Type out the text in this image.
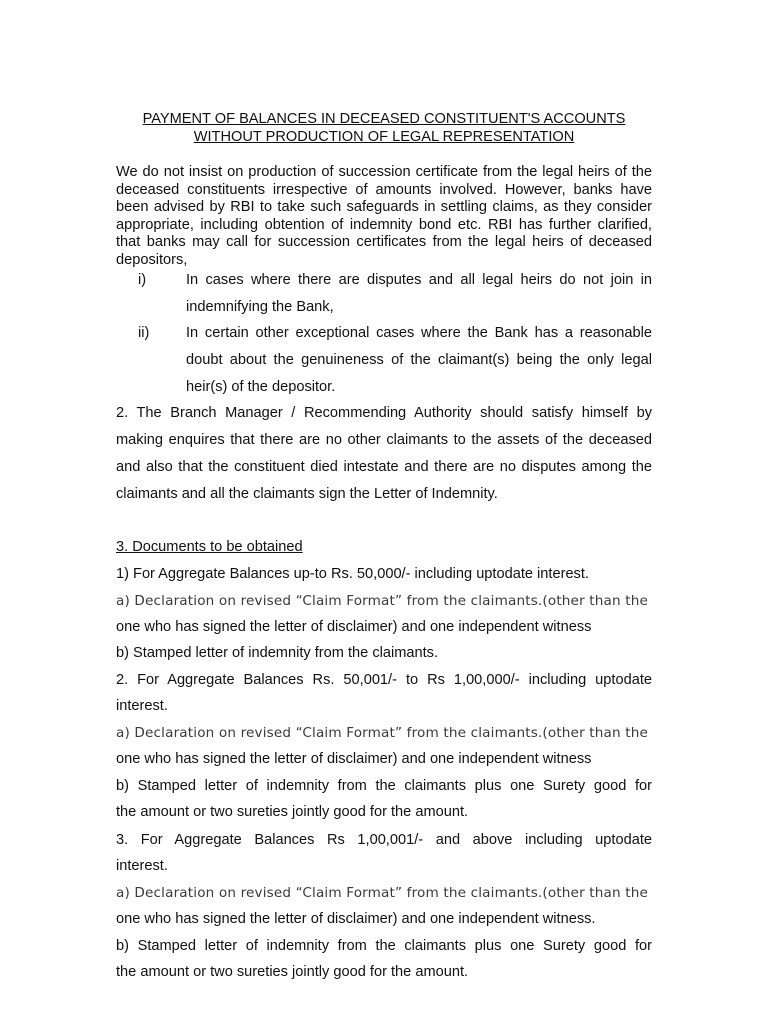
PAYMENT OF BALANCES IN DECEASED CONSTITUENT'S ACCOUNTS

WITHOUT PRODUCTION OF LEGAL REPRESENTATION

We do not insist on production of succession certificate from the legal heirs of the deceased constituents irrespective of amounts involved. However, banks have been advised by RBI to take such safeguards in settling claims, as they consider appropriate, including obtention of indemnity bond etc. RBI has further clarified, that banks may call for succession certificates from the legal heirs of deceased depositors,

i)	In cases where there are disputes and all legal heirs do not join in indemnifying the Bank,
ii)	In certain other exceptional cases where the Bank has a reasonable doubt about the genuineness of the claimant(s) being the only legal heir(s) of the depositor.

2. The Branch Manager / Recommending Authority should satisfy himself by making enquires that there are no other claimants to the assets of the deceased and also that the constituent died intestate and there are no disputes among the claimants and all the claimants sign the Letter of Indemnity.

3. Documents to be obtained

1) For Aggregate Balances up-to Rs. 50,000/- including uptodate interest.

a) Declaration on revised “Claim Format” from the claimants.(other than the

one who has signed the letter of disclaimer) and one independent witness

b) Stamped letter of indemnity from the claimants.

2. For Aggregate Balances Rs. 50,001/- to Rs 1,00,000/- including uptodate

interest.

a) Declaration on revised “Claim Format” from the claimants.(other than the

one who has signed the letter of disclaimer) and one independent witness

b) Stamped letter of indemnity from the claimants plus one Surety good for

the amount or two sureties jointly good for the amount.

3. For Aggregate Balances Rs 1,00,001/- and above including uptodate

interest.

a) Declaration on revised “Claim Format” from the claimants.(other than the

one who has signed the letter of disclaimer) and one independent witness.

b) Stamped letter of indemnity from the claimants plus one Surety good for

the amount or two sureties jointly good for the amount.
